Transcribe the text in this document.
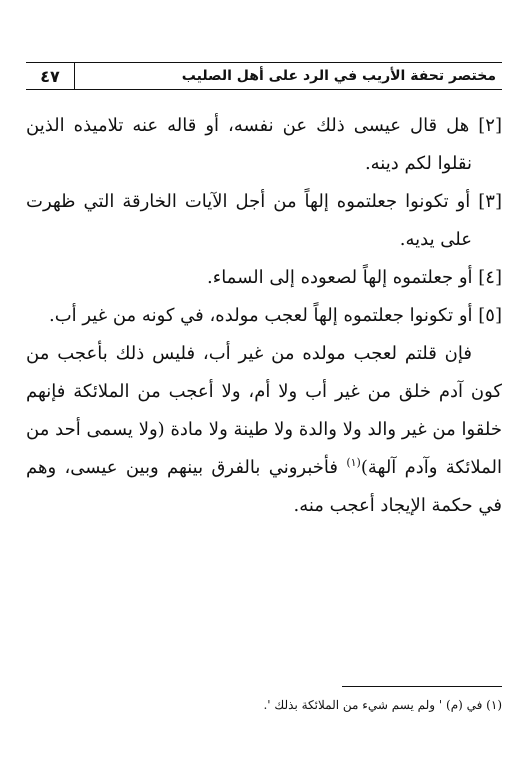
مختصر تحفة الأريب في الرد على أهل الصليب
٤٧

[٢] هل قال عيسى ذلك عن نفسه، أو قاله عنه تلاميذه الذين نقلوا لكم دينه.

[٣] أو تكونوا جعلتموه إلهاً من أجل الآيات الخارقة التي ظهرت على يديه.

[٤] أو جعلتموه إلهاً لصعوده إلى السماء.

[٥] أو تكونوا جعلتموه إلهاً لعجب مولده، في كونه من غير أب.

فإن قلتم لعجب مولده من غير أب، فليس ذلك بأعجب من كون آدم خلق من غير أب ولا أم، ولا أعجب من الملائكة فإنهم خلقوا من غير والد ولا والدة ولا طينة ولا مادة (ولا يسمى أحد من الملائكة وآدم آلهة)$^{(١)}$ فأخبروني بالفرق بينهم وبين عيسى، وهم في حكمة الإيجاد أعجب منه.

(١) في (م) ' ولم يسم شيء من الملائكة بذلك '.
